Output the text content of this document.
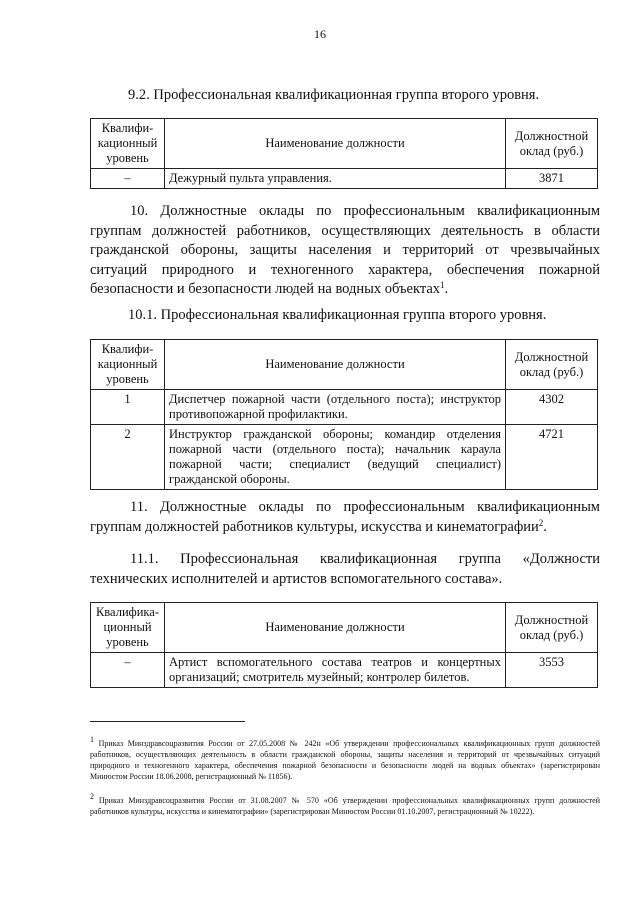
16
9.2. Профессиональная квалификационная группа второго уровня.
Квалифи-
кационный
уровень	Наименование должности	Должностной
оклад (руб.)
–	Дежурный пульта управления.	3871
10. Должностные оклады по профессиональным квалификационным группам должностей работников, осуществляющих деятельность в области гражданской обороны, защиты населения и территорий от чрезвычайных ситуаций природного и техногенного характера, обеспечения пожарной безопасности и безопасности людей на водных объектах$^1$.
10.1. Профессиональная квалификационная группа второго уровня.
Квалифи-
кационный
уровень	Наименование должности	Должностной
оклад (руб.)
1	Диспетчер пожарной части (отдельного поста); инструктор противопожарной профилактики.	4302
2	Инструктор гражданской обороны; командир отделения пожарной части (отдельного поста); начальник караула пожарной части; специалист (ведущий специалист) гражданской обороны.	4721
11. Должностные оклады по профессиональным квалификационным группам должностей работников культуры, искусства и кинематографии$^2$.
11.1. Профессиональная квалификационная группа «Должности технических исполнителей и артистов вспомогательного состава».
Квалифика-
ционный
уровень	Наименование должности	Должностной
оклад (руб.)
–	Артист вспомогательного состава театров и концертных организаций; смотритель музейный; контролер билетов.	3553
$^1$ Приказ Минздравсоцразвития России от 27.05.2008 № 242н «Об утверждении профессиональных квалификационных групп должностей работников, осуществляющих деятельность в области гражданской обороны, защиты населения и территорий от чрезвычайных ситуаций природного и техногенного характера, обеспечения пожарной безопасности и безопасности людей на водных объектах» (зарегистрирован Минюстом России 18.06.2008, регистрационный № 11856).
$^2$ Приказ Минздравсоцразвития России от 31.08.2007 № 570 «Об утверждении профессиональных квалификационных групп должностей работников культуры, искусства и кинематографии» (зарегистрирован Минюстом России 01.10.2007, регистрационный № 10222).
